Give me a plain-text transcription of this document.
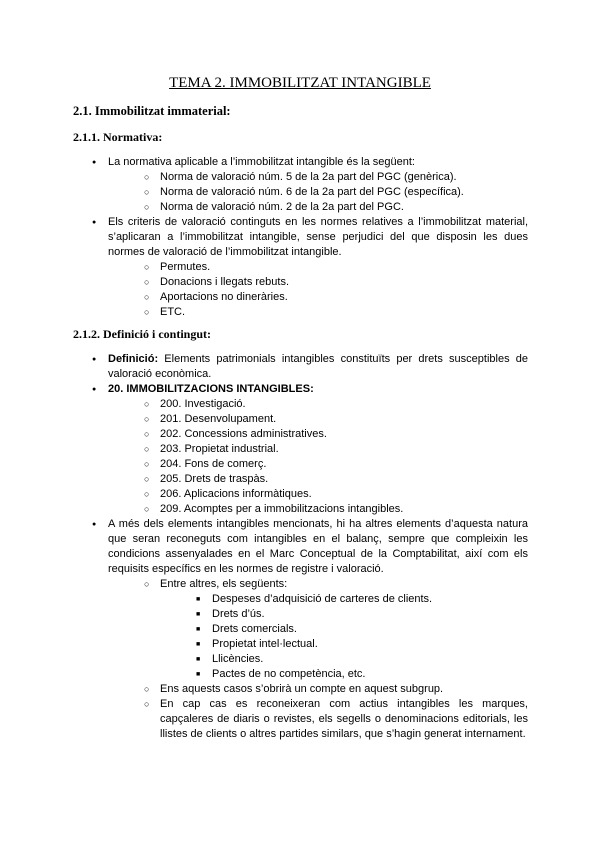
TEMA 2. IMMOBILITZAT INTANGIBLE
2.1. Immobilitzat immaterial:
2.1.1. Normativa:
● La normativa aplicable a l’immobilitzat intangible és la següent:
○ Norma de valoració núm. 5 de la 2a part del PGC (genèrica).
○ Norma de valoració núm. 6 de la 2a part del PGC (específica).
○ Norma de valoració núm. 2 de la 2a part del PGC.
● Els criteris de valoració continguts en les normes relatives a l’immobilitzat material, s’aplicaran a l’immobilitzat intangible, sense perjudici del que disposin les dues normes de valoració de l’immobilitzat intangible.
○ Permutes.
○ Donacions i llegats rebuts.
○ Aportacions no dineràries.
○ ETC.
2.1.2. Definició i contingut:
● Definició: Elements patrimonials intangibles constituïts per drets susceptibles de valoració econòmica.
● 20. IMMOBILITZACIONS INTANGIBLES:
○ 200. Investigació.
○ 201. Desenvolupament.
○ 202. Concessions administratives.
○ 203. Propietat industrial.
○ 204. Fons de comerç.
○ 205. Drets de traspàs.
○ 206. Aplicacions informàtiques.
○ 209. Acomptes per a immobilitzacions intangibles.
● A més dels elements intangibles mencionats, hi ha altres elements d’aquesta natura que seran reconeguts com intangibles en el balanç, sempre que compleixin les condicions assenyalades en el Marc Conceptual de la Comptabilitat, així com els requisits específics en les normes de registre i valoració.
○ Entre altres, els següents:
■ Despeses d’adquisició de carteres de clients.
■ Drets d’ús.
■ Drets comercials.
■ Propietat intel·lectual.
■ Llicències.
■ Pactes de no competència, etc.
○ Ens aquests casos s’obrirà un compte en aquest subgrup.
○ En cap cas es reconeixeran com actius intangibles les marques, capçaleres de diaris o revistes, els segells o denominacions editorials, les llistes de clients o altres partides similars, que s’hagin generat internament.
